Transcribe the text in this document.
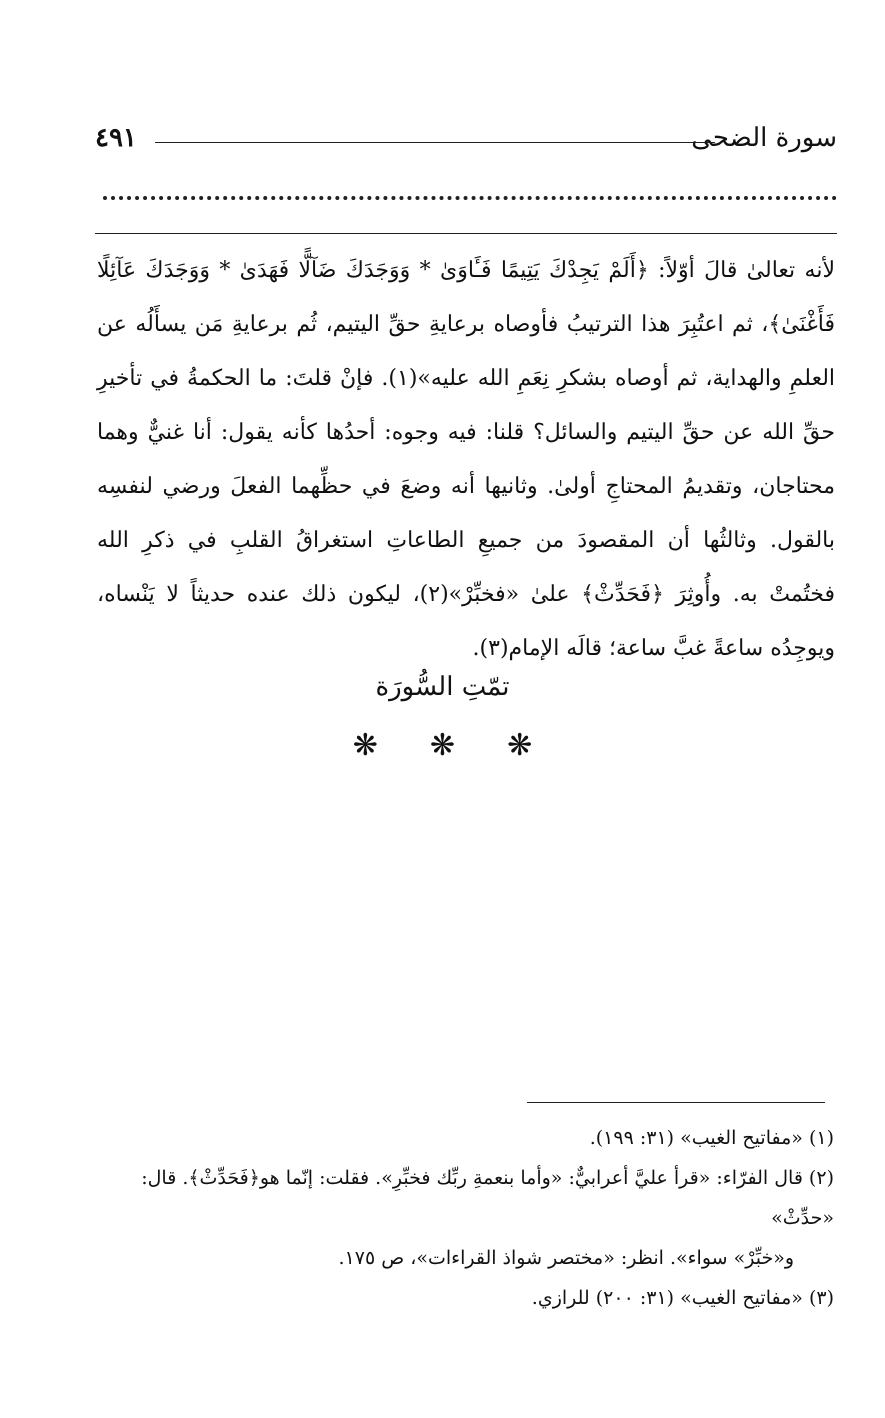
سورة الضحى
٤٩١

لأنه تعالىٰ قالَ أوّلاً: ﴿أَلَمْ يَجِدْكَ يَتِيمًا فَـَٔاوَىٰ * وَوَجَدَكَ ضَآلًّا فَهَدَىٰ * وَوَجَدَكَ عَآئِلًا فَأَغْنَىٰ﴾، ثم اعتُبِرَ هذا الترتيبُ فأوصاه برعايةِ حقِّ اليتيم، ثُم برعايةِ مَن يسأَلُه عن العلمِ والهداية، ثم أوصاه بشكرِ نِعَمِ الله عليه»(١). فإنْ قلتَ: ما الحكمةُ في تأخيرِ حقِّ الله عن حقِّ اليتيم والسائل؟ قلنا: فيه وجوه: أحدُها كأنه يقول: أنا غنيٌّ وهما محتاجان، وتقديمُ المحتاجِ أولىٰ. وثانيها أنه وضعَ في حظِّهما الفعلَ ورضي لنفسِه بالقول. وثالثُها أن المقصودَ من جميعِ الطاعاتِ استغراقُ القلبِ في ذكرِ الله فختُمتْ به. وأُوثِرَ ﴿فَحَدِّثْ﴾ علىٰ «فخبِّرْ»(٢)، ليكون ذلك عنده حديثاً لا يَنْساه، ويوجِدُه ساعةً غبَّ ساعة؛ قالَه الإمام(٣).

تمّتِ السُّورَة
❋ ❋ ❋

(١) «مفاتيح الغيب» (٣١: ١٩٩).

(٢) قال الفرّاء: «قرأ عليَّ أعرابيٌّ: «وأما بنعمةِ ربِّك فخبِّرِ». فقلت: إنّما هو﴿فَحَدِّثْ﴾. قال: «حدِّثْ»

و«خبِّرْ» سواء». انظر: «مختصر شواذ القراءات»، ص ١٧٥.

(٣) «مفاتيح الغيب» (٣١: ٢٠٠) للرازي.
